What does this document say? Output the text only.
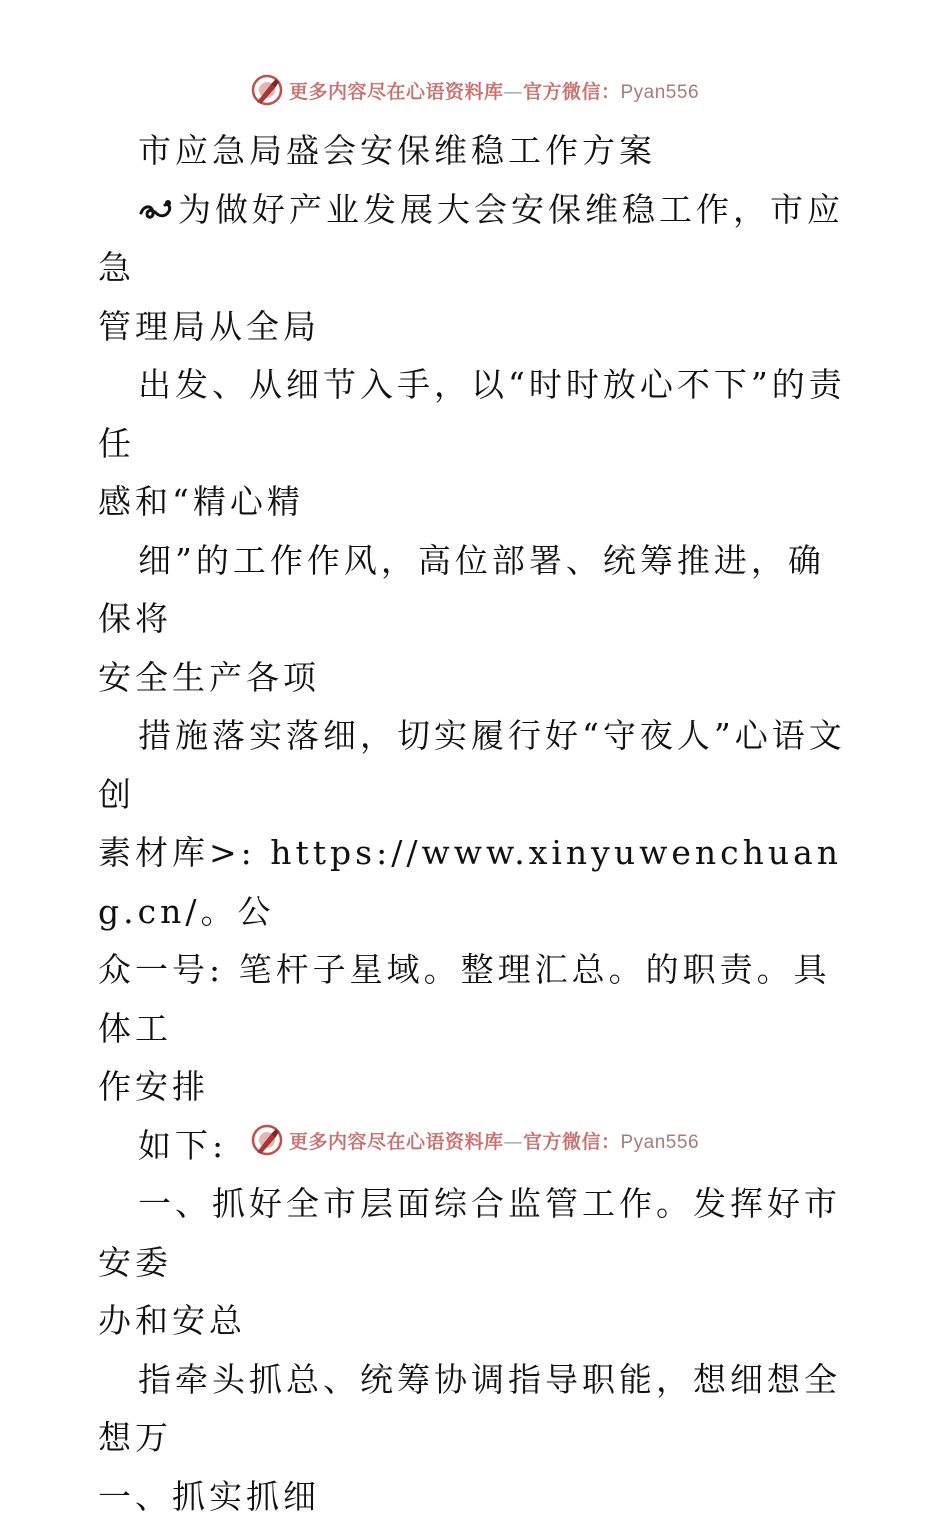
更多内容尽在心语资料库—官方微信：Pyan556

市应急局盛会安保维稳工作方案

为做好产业发展大会安保维稳工作，市应急
管理局从全局

出发、从细节入手，以“时时放心不下”的责任
感和“精心精

细”的工作作风，高位部署、统筹推进，确保将
安全生产各项

措施落实落细，切实履行好“守夜人”心语文创
素材库>: https://www.xinyuwenchuang.cn/。公
众一号: 笔杆子星域。整理汇总。的职责。具体工
作安排

如下:

一、抓好全市层面综合监管工作。发挥好市安委
办和安总

指牵头抓总、统筹协调指导职能，想细想全想万
一、抓实抓细

更多内容尽在心语资料库—官方微信：Pyan556
